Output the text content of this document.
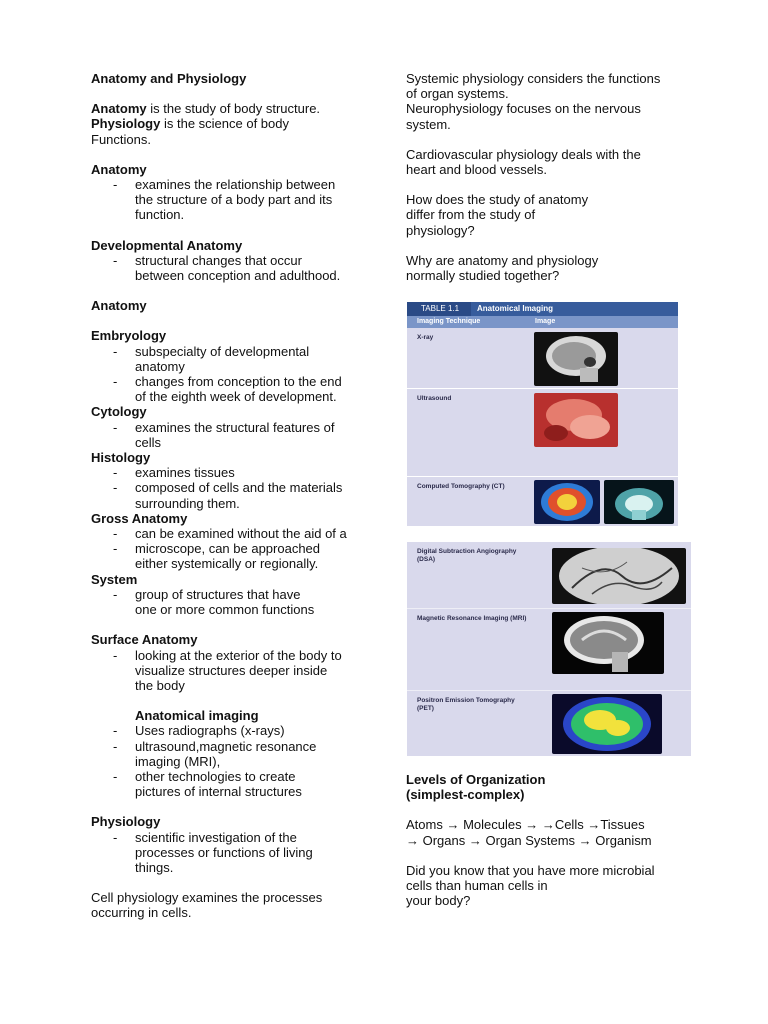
Anatomy and Physiology

Anatomy is the study of body structure.

Physiology is the science of body

Functions.

Anatomy

- examines the relationship between
the structure of a body part and its
function.

Developmental Anatomy

- structural changes that occur
between conception and adulthood.

Anatomy

Embryology

- subspecialty of developmental
anatomy
- changes from conception to the end
of the eighth week of development.

Cytology

- examines the structural features of
cells

Histology

- examines tissues
- composed of cells and the materials
surrounding them.

Gross Anatomy

- can be examined without the aid of a
- microscope, can be approached
either systemically or regionally.

System

- group of structures that have
one or more common functions

Surface Anatomy

- looking at the exterior of the body to
visualize structures deeper inside
the body

Anatomical imaging

- Uses radiographs (x-rays)
- ultrasound,magnetic resonance
imaging (MRI),
- other technologies to create
pictures of internal structures

Physiology

- scientific investigation of the
processes or functions of living
things.

Cell physiology examines the processes
occurring in cells.

Systemic physiology considers the functions
of organ systems.

Neurophysiology focuses on the nervous
system.

Cardiovascular physiology deals with the
heart and blood vessels.

How does the study of anatomy
differ from the study of
physiology?

Why are anatomy and physiology
normally studied together?

TABLE 1.1	Anatomical Imaging
Imaging Technique	Image
X-ray
Ultrasound
Computed Tomography (CT)
Digital Subtraction Angiography (DSA)
Magnetic Resonance Imaging (MRI)
Positron Emission Tomography (PET)

Levels of Organization
(simplest-complex)

Atoms → Molecules → →Cells →Tissues
→ Organs → Organ Systems → Organism

Did you know that you have more microbial
cells than human cells in
your body?
